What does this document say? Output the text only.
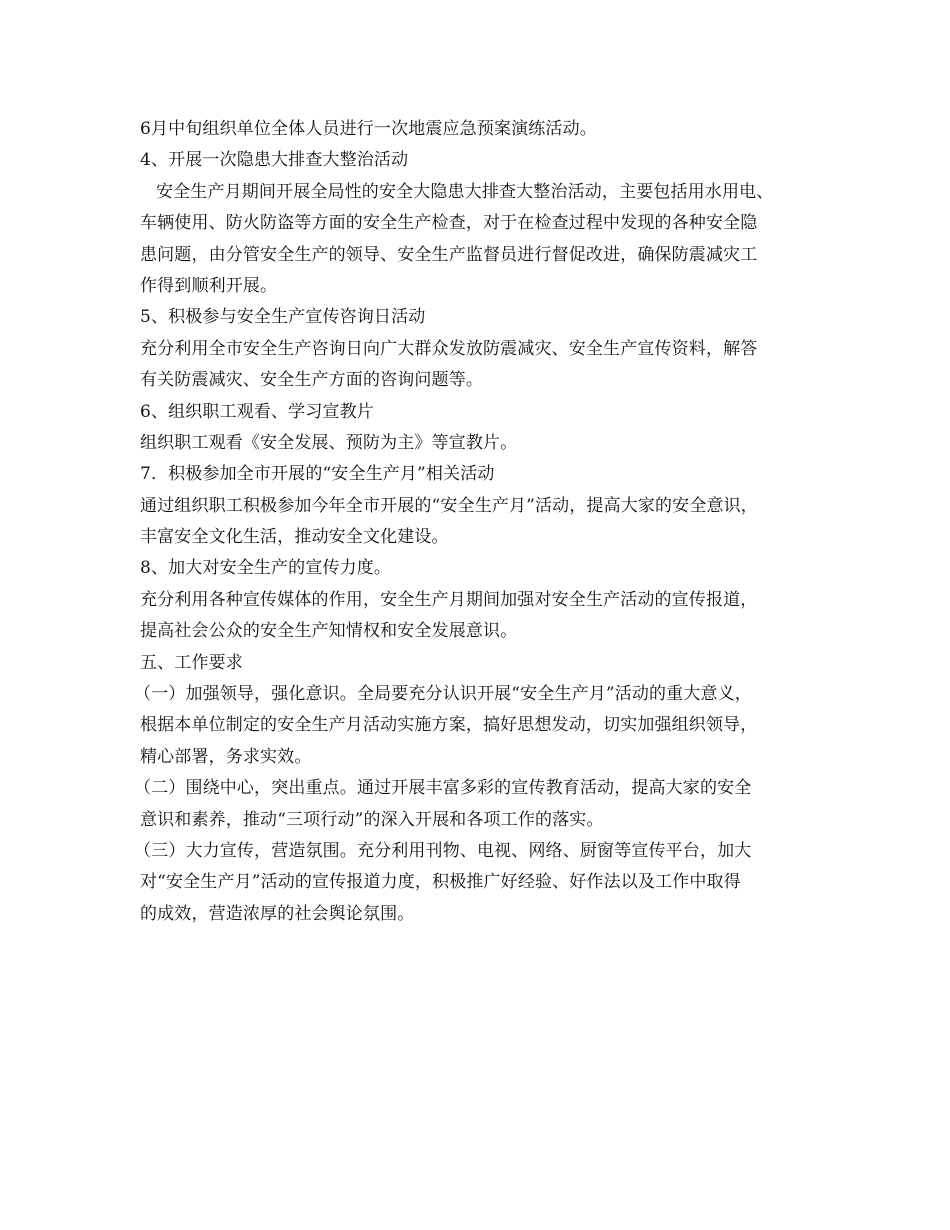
6月中旬组织单位全体人员进行一次地震应急预案演练活动。
4、开展一次隐患大排查大整治活动
安全生产月期间开展全局性的安全大隐患大排查大整治活动，主要包括用水用电、
车辆使用、防火防盗等方面的安全生产检查，对于在检查过程中发现的各种安全隐
患问题，由分管安全生产的领导、安全生产监督员进行督促改进，确保防震减灾工
作得到顺利开展。
5、积极参与安全生产宣传咨询日活动
充分利用全市安全生产咨询日向广大群众发放防震减灾、安全生产宣传资料，解答
有关防震减灾、安全生产方面的咨询问题等。
6、组织职工观看、学习宣教片
组织职工观看《安全发展、预防为主》等宣教片。
7．积极参加全市开展的“安全生产月”相关活动
通过组织职工积极参加今年全市开展的“安全生产月”活动，提高大家的安全意识，
丰富安全文化生活，推动安全文化建设。
8、加大对安全生产的宣传力度。
充分利用各种宣传媒体的作用，安全生产月期间加强对安全生产活动的宣传报道，
提高社会公众的安全生产知情权和安全发展意识。
五、工作要求
（一）加强领导，强化意识。全局要充分认识开展“安全生产月”活动的重大意义，
根据本单位制定的安全生产月活动实施方案，搞好思想发动，切实加强组织领导，
精心部署，务求实效。
（二）围绕中心，突出重点。通过开展丰富多彩的宣传教育活动，提高大家的安全
意识和素养，推动“三项行动”的深入开展和各项工作的落实。
（三）大力宣传，营造氛围。充分利用刊物、电视、网络、厨窗等宣传平台，加大
对“安全生产月”活动的宣传报道力度，积极推广好经验、好作法以及工作中取得
的成效，营造浓厚的社会舆论氛围。
